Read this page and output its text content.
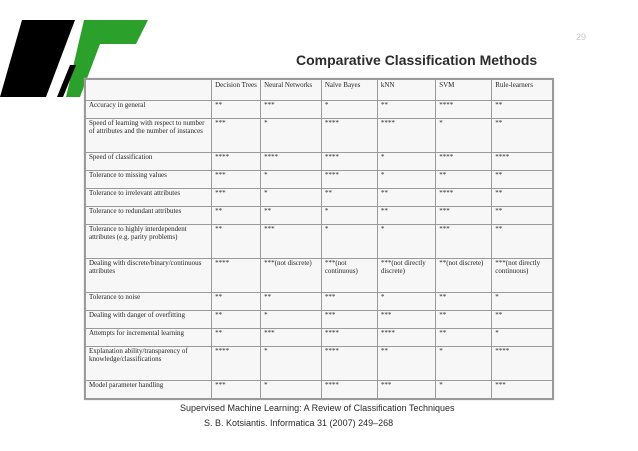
29
Comparative Classification Methods
	Decision Trees	Neural Networks	Naïve Bayes	kNN	SVM	Rule-learners
Accuracy in general	**	***	*	**	****	**
Speed of learning with respect to number of attributes and the number of instances	***	*	****	****	*	**
Speed of classification	****	****	****	*	****	****
Tolerance to missing values	***	*	****	*	**	**
Tolerance to irrelevant attributes	***	*	**	**	****	**
Tolerance to redundant attributes	**	**	*	**	***	**
Tolerance to highly interdependent attributes (e.g. parity problems)	**	***	*	*	***	**
Dealing with discrete/binary/continuous attributes	****	***(not discrete)	***(not continuous)	***(not directly discrete)	**(not discrete)	***(not directly continuous)
Tolerance to noise	**	**	***	*	**	*
Dealing with danger of overfitting	**	*	***	***	**	**
Attempts for incremental learning	**	***	****	****	**	*
Explanation ability/transparency of knowledge/classifications	****	*	****	**	*	****
Model parameter handling	***	*	****	***	*	***
Supervised Machine Learning: A Review of Classification Techniques
S. B. Kotsiantis. Informatica 31 (2007) 249–268
